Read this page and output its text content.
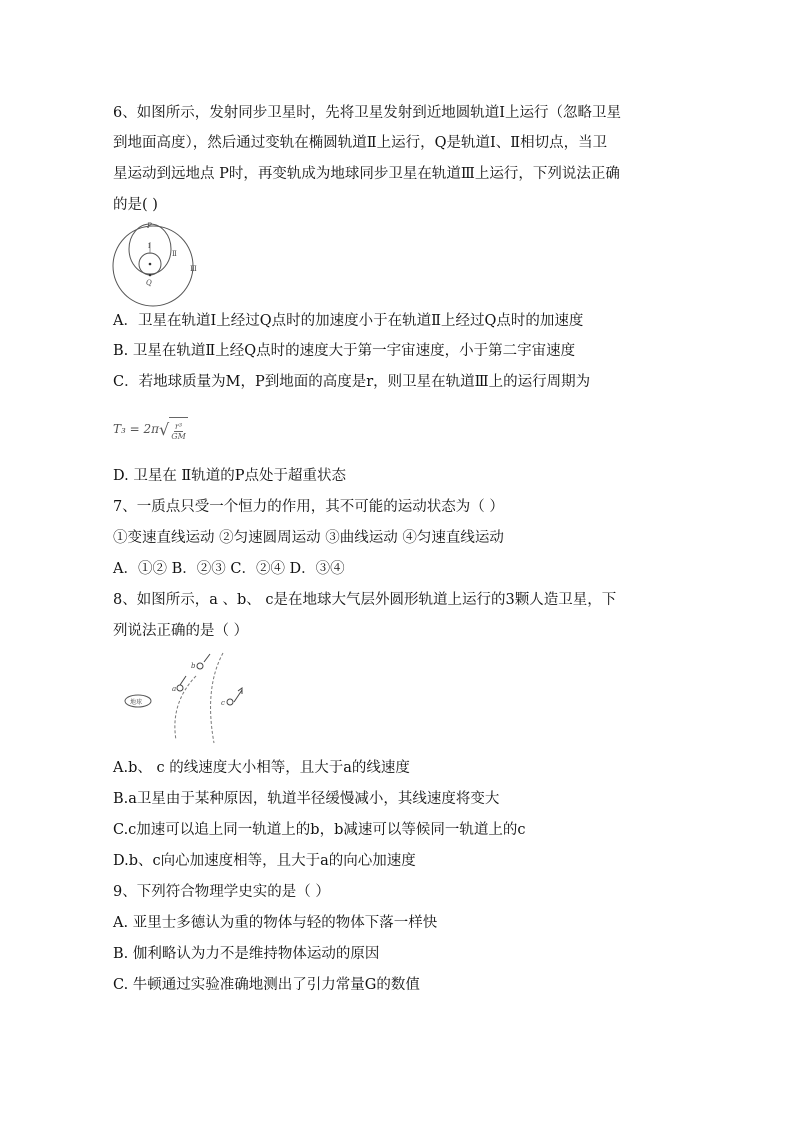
6、如图所示，发射同步卫星时，先将卫星发射到近地圆轨道Ⅰ上运行（忽略卫星
到地面高度），然后通过变轨在椭圆轨道Ⅱ上运行，Q是轨道Ⅰ、Ⅱ相切点，当卫
星运动到远地点 P时，再变轨成为地球同步卫星在轨道Ⅲ上运行，下列说法正确
的是( )
P
Ⅰ
Ⅱ
Ⅲ
Q
A．卫星在轨道Ⅰ上经过Q点时的加速度小于在轨道Ⅱ上经过Q点时的加速度
B. 卫星在轨道Ⅱ上经Q点时的速度大于第一宇宙速度，小于第二宇宙速度
C．若地球质量为M，P到地面的高度是r，则卫星在轨道Ⅲ上的运行周期为
T₃ = 2π √ $\frac{\text{r³}}{GM}$
D. 卫星在 Ⅱ轨道的P点处于超重状态
7、一质点只受一个恒力的作用，其不可能的运动状态为（ ）
①变速直线运动 ②匀速圆周运动 ③曲线运动 ④匀速直线运动
A．①② B．②③ C．②④ D．③④
8、如图所示，a 、b、 c是在地球大气层外圆形轨道上运行的3颗人造卫星，下
列说法正确的是（ ）
地球
a
b
c
A.b、 c 的线速度大小相等，且大于a的线速度
B.a卫星由于某种原因，轨道半径缓慢减小，其线速度将变大
C.c加速可以追上同一轨道上的b，b减速可以等候同一轨道上的c
D.b、c向心加速度相等，且大于a的向心加速度
9、下列符合物理学史实的是（ ）
A. 亚里士多德认为重的物体与轻的物体下落一样快
B. 伽利略认为力不是维持物体运动的原因
C. 牛顿通过实验准确地测出了引力常量G的数值
